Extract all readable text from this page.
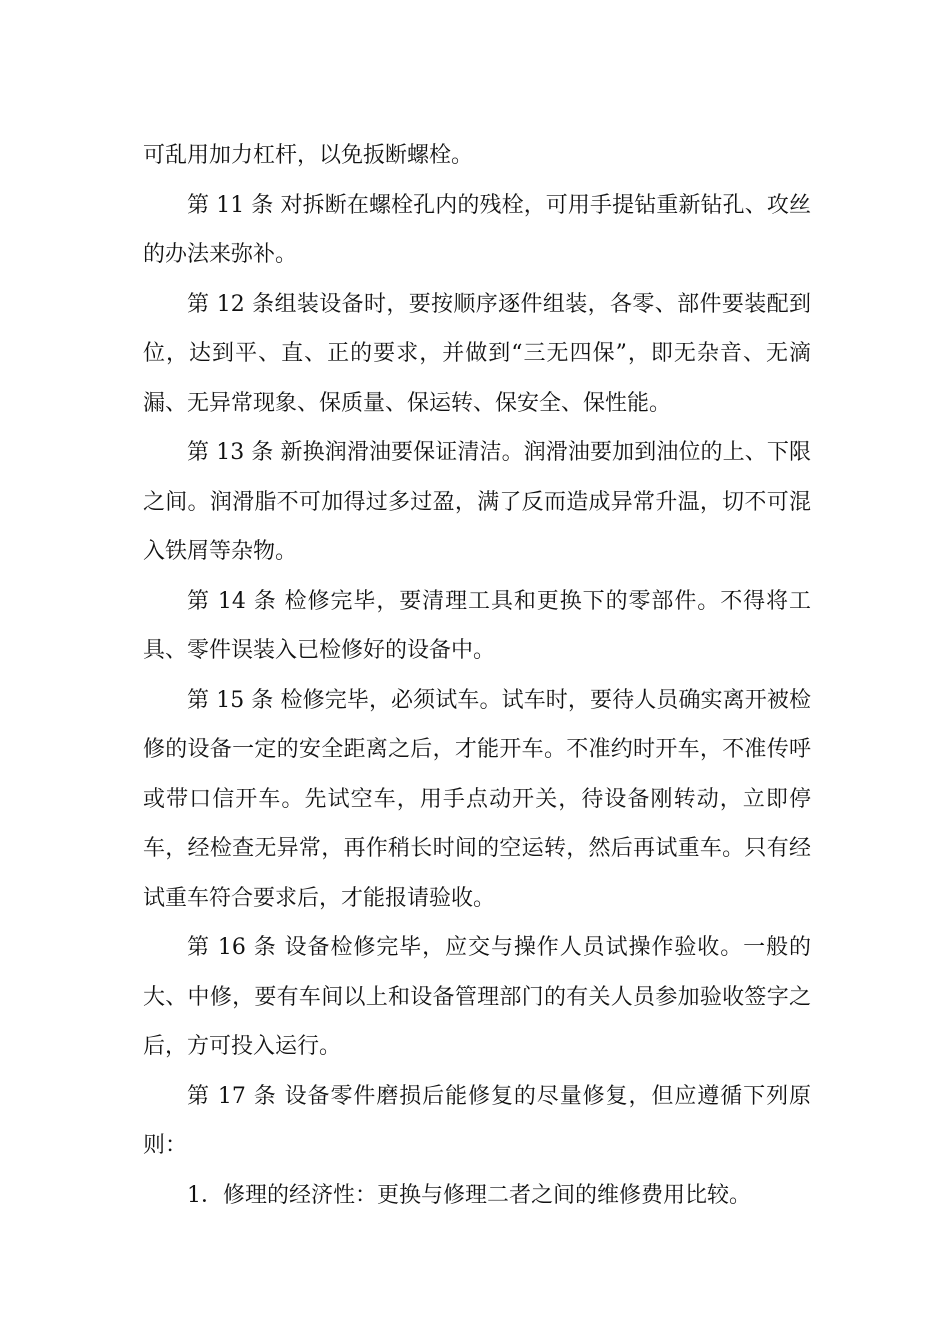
可乱用加力杠杆，以免扳断螺栓。

第 11 条 对拆断在螺栓孔内的残栓，可用手提钻重新钻孔、攻丝的办法来弥补。

第 12 条组装设备时，要按顺序逐件组装，各零、部件要装配到位，达到平、直、正的要求，并做到“三无四保”，即无杂音、无滴漏、无异常现象、保质量、保运转、保安全、保性能。

第 13 条 新换润滑油要保证清洁。润滑油要加到油位的上、下限之间。润滑脂不可加得过多过盈，满了反而造成异常升温，切不可混入铁屑等杂物。

第 14 条 检修完毕，要清理工具和更换下的零部件。不得将工具、零件误装入已检修好的设备中。

第 15 条 检修完毕，必须试车。试车时，要待人员确实离开被检修的设备一定的安全距离之后，才能开车。不准约时开车，不准传呼或带口信开车。先试空车，用手点动开关，待设备刚转动，立即停车，经检查无异常，再作稍长时间的空运转，然后再试重车。只有经试重车符合要求后，才能报请验收。

第 16 条 设备检修完毕，应交与操作人员试操作验收。一般的大、中修，要有车间以上和设备管理部门的有关人员参加验收签字之后，方可投入运行。

第 17 条 设备零件磨损后能修复的尽量修复，但应遵循下列原则：

1．修理的经济性：更换与修理二者之间的维修费用比较。
